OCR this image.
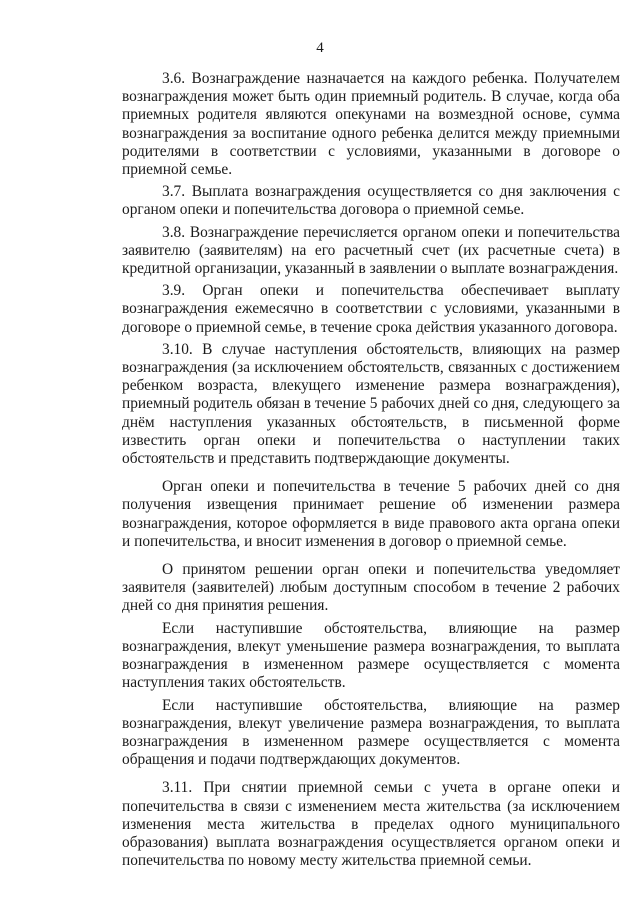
4

3.6. Вознаграждение назначается на каждого ребенка. Получателем вознаграждения может быть один приемный родитель. В случае, когда оба приемных родителя являются опекунами на возмездной основе, сумма вознаграждения за воспитание одного ребенка делится между приемными родителями в соответствии с условиями, указанными в договоре о приемной семье.

3.7. Выплата вознаграждения осуществляется со дня заключения с органом опеки и попечительства договора о приемной семье.

3.8. Вознаграждение перечисляется органом опеки и попечительства заявителю (заявителям) на его расчетный счет (их расчетные счета) в кредитной организации, указанный в заявлении о выплате вознаграждения.

3.9. Орган опеки и попечительства обеспечивает выплату вознаграждения ежемесячно в соответствии с условиями, указанными в договоре о приемной семье, в течение срока действия указанного договора.

3.10. В случае наступления обстоятельств, влияющих на размер вознаграждения (за исключением обстоятельств, связанных с достижением ребенком возраста, влекущего изменение размера вознаграждения), приемный родитель обязан в течение 5 рабочих дней со дня, следующего за днём наступления указанных обстоятельств, в письменной форме известить орган опеки и попечительства о наступлении таких обстоятельств и представить подтверждающие документы.

Орган опеки и попечительства в течение 5 рабочих дней со дня получения извещения принимает решение об изменении размера вознаграждения, которое оформляется в виде правового акта органа опеки и попечительства, и вносит изменения в договор о приемной семье.

О принятом решении орган опеки и попечительства уведомляет заявителя (заявителей) любым доступным способом в течение 2 рабочих дней со дня принятия решения.

Если наступившие обстоятельства, влияющие на размер вознаграждения, влекут уменьшение размера вознаграждения, то выплата вознаграждения в измененном размере осуществляется с момента наступления таких обстоятельств.

Если наступившие обстоятельства, влияющие на размер вознаграждения, влекут увеличение размера вознаграждения, то выплата вознаграждения в измененном размере осуществляется с момента обращения и подачи подтверждающих документов.

3.11. При снятии приемной семьи с учета в органе опеки и попечительства в связи с изменением места жительства (за исключением изменения места жительства в пределах одного муниципального образования) выплата вознаграждения осуществляется органом опеки и попечительства по новому месту жительства приемной семьи.
